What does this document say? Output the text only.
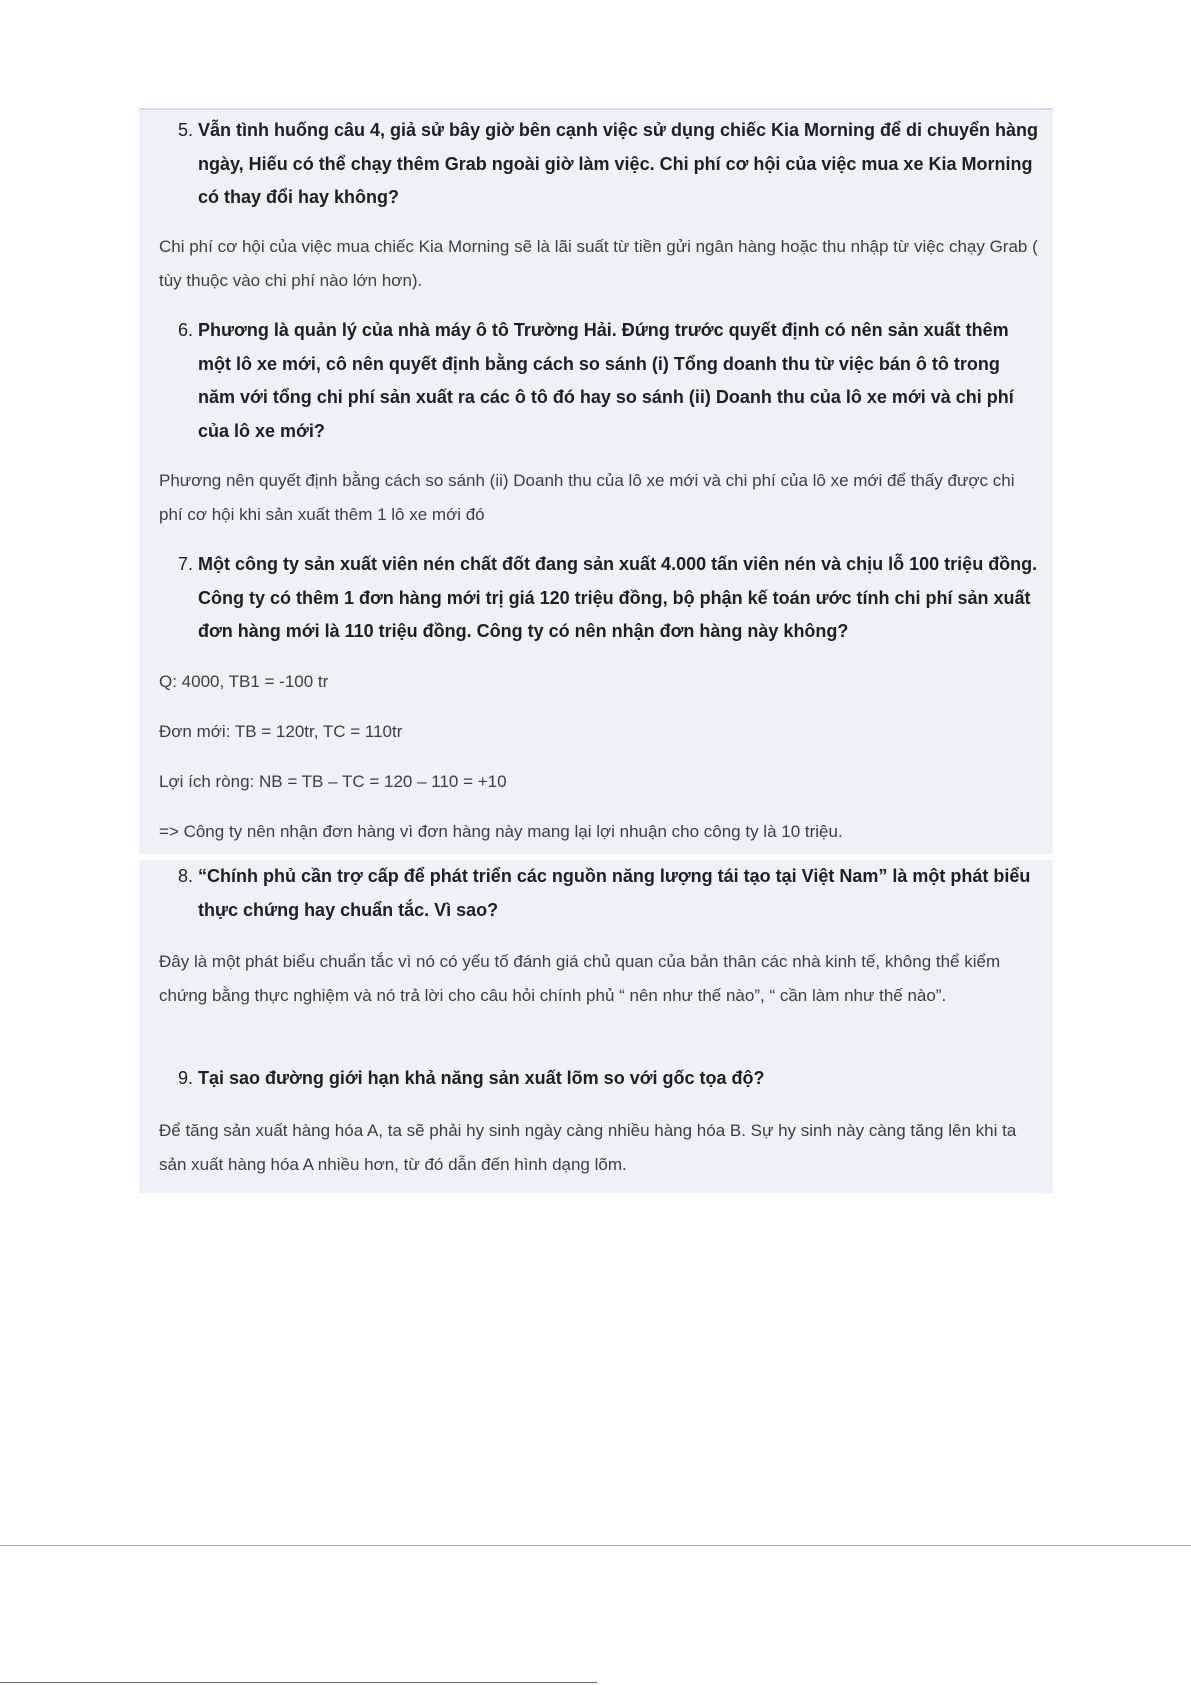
5. Vẫn tình huống câu 4, giả sử bây giờ bên cạnh việc sử dụng chiếc Kia Morning để di chuyển hàng ngày, Hiếu có thể chạy thêm Grab ngoài giờ làm việc. Chi phí cơ hội của việc mua xe Kia Morning có thay đổi hay không?
Chi phí cơ hội của việc mua chiếc Kia Morning sẽ là lãi suất từ tiền gửi ngân hàng hoặc thu nhập từ việc chạy Grab ( tùy thuộc vào chi phí nào lớn hơn).
6. Phương là quản lý của nhà máy ô tô Trường Hải. Đứng trước quyết định có nên sản xuất thêm một lô xe mới, cô nên quyết định bằng cách so sánh (i) Tổng doanh thu từ việc bán ô tô trong năm với tổng chi phí sản xuất ra các ô tô đó hay so sánh (ii) Doanh thu của lô xe mới và chi phí của lô xe mới?
Phương nên quyết định bằng cách so sánh (ii) Doanh thu của lô xe mới và chi phí của lô xe mới để thấy được chi phí cơ hội khi sản xuất thêm 1 lô xe mới đó
7. Một công ty sản xuất viên nén chất đốt đang sản xuất 4.000 tấn viên nén và chịu lỗ 100 triệu đồng. Công ty có thêm 1 đơn hàng mới trị giá 120 triệu đồng, bộ phận kế toán ước tính chi phí sản xuất đơn hàng mới là 110 triệu đồng. Công ty có nên nhận đơn hàng này không?
Q: 4000, TB1 = -100 tr
Đơn mới: TB = 120tr, TC = 110tr
Lợi ích ròng: NB = TB – TC = 120 – 110 = +10
=> Công ty nên nhận đơn hàng vì đơn hàng này mang lại lợi nhuận cho công ty là 10 triệu.
8. “Chính phủ cần trợ cấp để phát triển các nguồn năng lượng tái tạo tại Việt Nam” là một phát biểu thực chứng hay chuẩn tắc. Vì sao?
Đây là một phát biểu chuẩn tắc vì nó có yếu tố đánh giá chủ quan của bản thân các nhà kinh tế, không thể kiểm chứng bằng thực nghiệm và nó trả lời cho câu hỏi chính phủ “ nên như thế nào”, “ cần làm như thế nào”.
9. Tại sao đường giới hạn khả năng sản xuất lõm so với gốc tọa độ?
Để tăng sản xuất hàng hóa A, ta sẽ phải hy sinh ngày càng nhiều hàng hóa B. Sự hy sinh này càng tăng lên khi ta sản xuất hàng hóa A nhiều hơn, từ đó dẫn đến hình dạng lõm.
